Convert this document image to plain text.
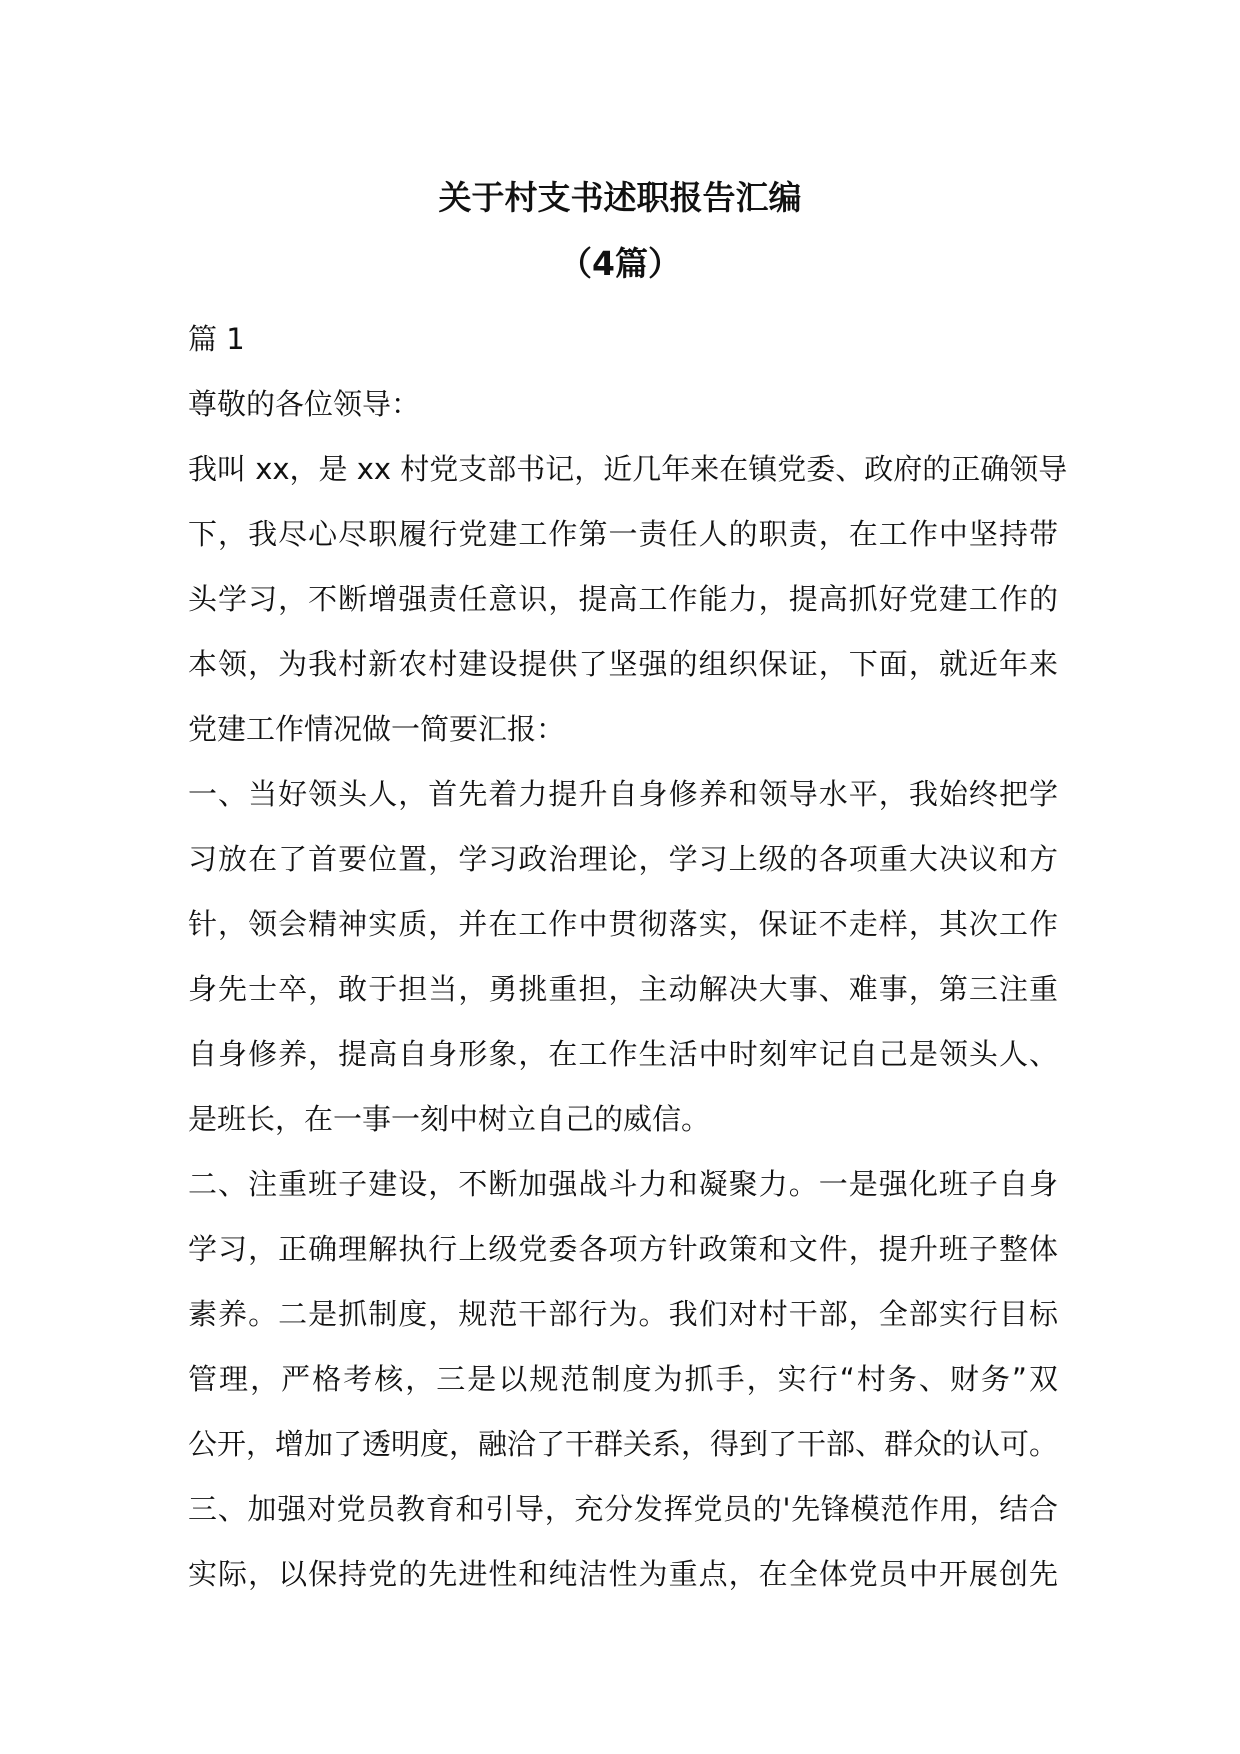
关于村支书述职报告汇编
（4篇）
篇 1
尊敬的各位领导：
我叫 xx，是 xx 村党支部书记，近几年来在镇党委、政府的正确领导
下，我尽心尽职履行党建工作第一责任人的职责，在工作中坚持带
头学习，不断增强责任意识，提高工作能力，提高抓好党建工作的
本领，为我村新农村建设提供了坚强的组织保证，下面，就近年来
党建工作情况做一简要汇报：
一、当好领头人，首先着力提升自身修养和领导水平，我始终把学
习放在了首要位置，学习政治理论，学习上级的各项重大决议和方
针，领会精神实质，并在工作中贯彻落实，保证不走样，其次工作
身先士卒，敢于担当，勇挑重担，主动解决大事、难事，第三注重
自身修养，提高自身形象，在工作生活中时刻牢记自己是领头人、
是班长，在一事一刻中树立自己的威信。
二、注重班子建设，不断加强战斗力和凝聚力。一是强化班子自身
学习，正确理解执行上级党委各项方针政策和文件，提升班子整体
素养。二是抓制度，规范干部行为。我们对村干部，全部实行目标
管理，严格考核，三是以规范制度为抓手，实行“村务、财务”双
公开，增加了透明度，融洽了干群关系，得到了干部、群众的认可。
三、加强对党员教育和引导，充分发挥党员的'先锋模范作用，结合
实际，以保持党的先进性和纯洁性为重点，在全体党员中开展创先
